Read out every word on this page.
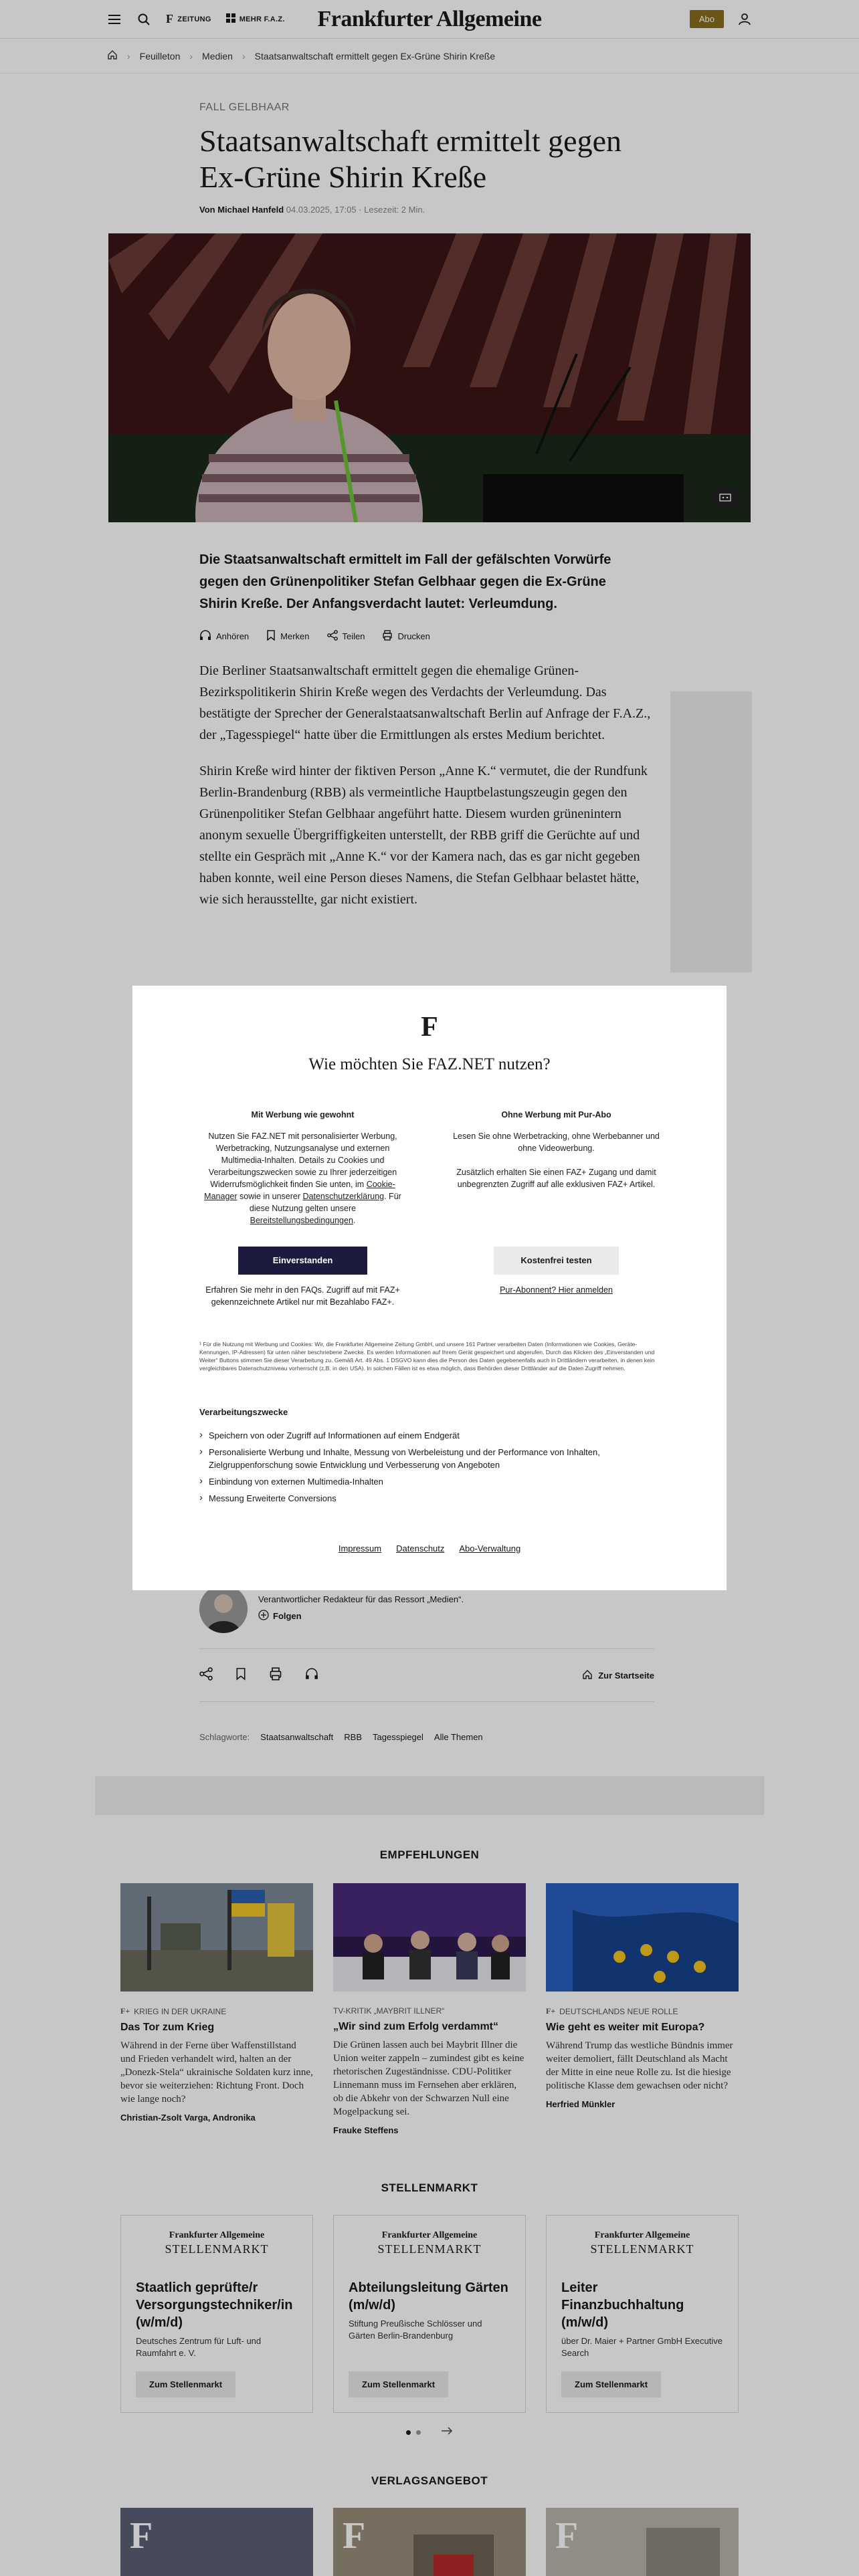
F ZEITUNG	MEHR F.A.Z. Frankfurter Allgemeine	Abo
› Feuilleton › Medien › Staatsanwaltschaft ermittelt gegen Ex-Grüne Shirin Kreße
FALL GELBHAAR
Staatsanwaltschaft ermittelt gegen Ex-Grüne Shirin Kreße
Von Michael Hanfeld 04.03.2025, 17:05 · Lesezeit: 2 Min.

Die Staatsanwaltschaft ermittelt im Fall der gefälschten Vorwürfe gegen den Grünenpolitiker Stefan Gelbhaar gegen die Ex-Grüne Shirin Kreße. Der Anfangsverdacht lautet: Verleumdung.

Anhören	Merken	Teilen	Drucken

Die Berliner Staatsanwaltschaft ermittelt gegen die ehemalige Grünen-Bezirkspolitikerin Shirin Kreße wegen des Verdachts der Verleumdung. Das bestätigte der Sprecher der Generalstaatsanwaltschaft Berlin auf Anfrage der F.A.Z., der „Tagesspiegel“ hatte über die Ermittlungen als erstes Medium berichtet.

Shirin Kreße wird hinter der fiktiven Person „Anne K.“ vermutet, die der Rundfunk Berlin-Brandenburg (RBB) als vermeintliche Hauptbelastungszeugin gegen den Grünenpolitiker Stefan Gelbhaar angeführt hatte. Diesem wurden grünenintern anonym sexuelle Übergriffigkeiten unterstellt, der RBB griff die Gerüchte auf und stellte ein Gespräch mit „Anne K.“ vor der Kamera nach, das es gar nicht gegeben haben konnte, weil eine Person dieses Namens, die Stefan Gelbhaar belastet hätte, wie sich herausstellte, gar nicht existiert.

Verantwortlicher Redakteur für das Ressort „Medien“.
Folgen
Zur Startseite
Schlagworte: Staatsanwaltschaft RBB Tagesspiegel Alle Themen
EMPFEHLUNGEN
F+ KRIEG IN DER UKRAINE
Das Tor zum Krieg
Während in der Ferne über Waffenstillstand und Frieden verhandelt wird, halten an der „Donezk-Stela“ ukrainische Soldaten kurz inne, bevor sie weiterziehen: Richtung Front. Doch wie lange noch?
Christian-Zsolt Varga, Andronika
TV-KRITIK „MAYBRIT ILLNER“
„Wir sind zum Erfolg verdammt“
Die Grünen lassen auch bei Maybrit Illner die Union weiter zappeln – zumindest gibt es keine rhetorischen Zugeständnisse. CDU-Politiker Linnemann muss im Fernsehen aber erklären, ob die Abkehr von der Schwarzen Null eine Mogelpackung sei.
Frauke Steffens
F+ DEUTSCHLANDS NEUE ROLLE
Wie geht es weiter mit Europa?
Während Trump das westliche Bündnis immer weiter demoliert, fällt Deutschland als Macht der Mitte in eine neue Rolle zu. Ist die hiesige politische Klasse dem gewachsen oder nicht?
Herfried Münkler
STELLENMARKT
Frankfurter Allgemeine
STELLENMARKT
Staatlich geprüfte/r Versorgungstechniker/in (w/m/d)
Deutsches Zentrum für Luft- und Raumfahrt e. V.
Zum Stellenmarkt
Frankfurter Allgemeine
STELLENMARKT
Abteilungsleitung Gärten (m/w/d)
Stiftung Preußische Schlösser und Gärten Berlin-Brandenburg
Zum Stellenmarkt
Frankfurter Allgemeine
STELLENMARKT
Leiter Finanzbuchhaltung (m/w/d)
über Dr. Maier + Partner GmbH Executive Search
Zum Stellenmarkt
VERLAGSANGEBOT
F	F	F
F
Wie möchten Sie FAZ.NET nutzen?
Mit Werbung wie gewohnt
Nutzen Sie FAZ.NET mit personalisierter Werbung, Werbetracking, Nutzungsanalyse und externen Multimedia-Inhalten. Details zu Cookies und Verarbeitungszwecken sowie zu Ihrer jederzeitigen Widerrufsmöglichkeit finden Sie unten, im Cookie-Manager sowie in unserer Datenschutzerklärung. Für diese Nutzung gelten unsere Bereitstellungsbedingungen.
Ohne Werbung mit Pur-Abo

Lesen Sie ohne Werbetracking, ohne Werbebanner und ohne Videowerbung.

Zusätzlich erhalten Sie einen FAZ+ Zugang und damit unbegrenzten Zugriff auf alle exklusiven FAZ+ Artikel.

Einverstanden

Erfahren Sie mehr in den FAQs. Zugriff auf mit FAZ+ gekennzeichnete Artikel nur mit Bezahlabo FAZ+.

Kostenfrei testen

Pur-Abonnent? Hier anmelden

¹ Für die Nutzung mit Werbung und Cookies: Wir, die Frankfurter Allgemeine Zeitung GmbH, und unsere 161 Partner verarbeiten Daten (Informationen wie Cookies, Geräte-Kennungen, IP-Adressen) für unten näher beschriebene Zwecke. Es werden Informationen auf Ihrem Gerät gespeichert und abgerufen. Durch das Klicken des „Einverstanden und Weiter“ Buttons stimmen Sie dieser Verarbeitung zu. Gemäß Art. 49 Abs. 1 DSGVO kann dies die Person des Daten gegebenenfalls auch in Drittländern verarbeiten, in denen kein vergleichbares Datenschutzniveau vorherrscht (z.B. in den USA). In solchen Fällen ist es etwa möglich, dass Behörden dieser Drittländer auf die Daten Zugriff nehmen.

Verarbeitungszwecke
› Speichern von oder Zugriff auf Informationen auf einem Endgerät
› Personalisierte Werbung und Inhalte, Messung von Werbeleistung und der Performance von Inhalten, Zielgruppenforschung sowie Entwicklung und Verbesserung von Angeboten
› Einbindung von externen Multimedia-Inhalten
› Messung Erweiterte Conversions
Impressum Datenschutz Abo-Verwaltung
